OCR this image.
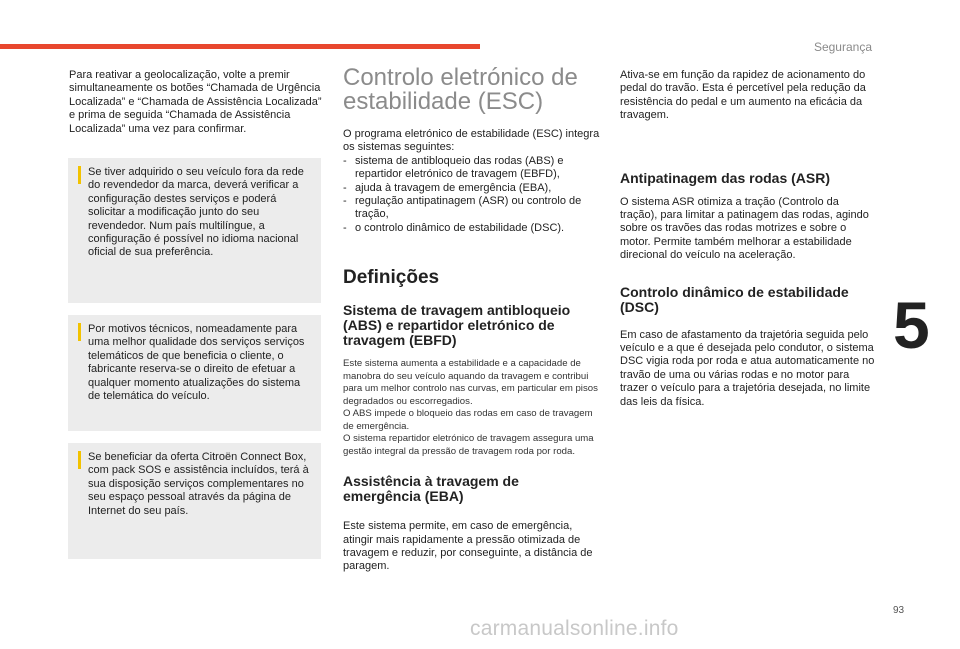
Segurança

Para reativar a geolocalização, volte a premir simultaneamente os botões “Chamada de Urgência Localizada” e “Chamada de Assistência Localizada” e prima de seguida “Chamada de Assistência Localizada” uma vez para confirmar.

Se tiver adquirido o seu veículo fora da rede do revendedor da marca, deverá verificar a configuração destes serviços e poderá solicitar a modificação junto do seu revendedor. Num país multilíngue, a configuração é possível no idioma nacional oficial de sua preferência.

Por motivos técnicos, nomeadamente para uma melhor qualidade dos serviços serviços telemáticos de que beneficia o cliente, o fabricante reserva-se o direito de efetuar a qualquer momento atualizações do sistema de telemática do veículo.

Se beneficiar da oferta Citroën Connect Box, com pack SOS e assistência incluídos, terá à sua disposição serviços complementares no seu espaço pessoal através da página de Internet do seu país.

Controlo eletrónico de estabilidade (ESC)

O programa eletrónico de estabilidade (ESC) integra os sistemas seguintes:

- sistema de antibloqueio das rodas (ABS) e repartidor eletrónico de travagem (EBFD),
- ajuda à travagem de emergência (EBA),
- regulação antipatinagem (ASR) ou controlo de tração,
- o controlo dinâmico de estabilidade (DSC).
Definições
Sistema de travagem antibloqueio (ABS) e repartidor eletrónico de travagem (EBFD)

Este sistema aumenta a estabilidade e a capacidade de manobra do seu veículo aquando da travagem e contribui para um melhor controlo nas curvas, em particular em pisos degradados ou escorregadios.

O ABS impede o bloqueio das rodas em caso de travagem de emergência.

O sistema repartidor eletrónico de travagem assegura uma gestão integral da pressão de travagem roda por roda.

Assistência à travagem de emergência (EBA)

Este sistema permite, em caso de emergência, atingir mais rapidamente a pressão otimizada de travagem e reduzir, por conseguinte, a distância de paragem.

Ativa-se em função da rapidez de acionamento do pedal do travão. Esta é percetível pela redução da resistência do pedal e um aumento na eficácia da travagem.

Antipatinagem das rodas (ASR)

O sistema ASR otimiza a tração (Controlo da tração), para limitar a patinagem das rodas, agindo sobre os travões das rodas motrizes e sobre o motor. Permite também melhorar a estabilidade direcional do veículo na aceleração.

Controlo dinâmico de estabilidade (DSC)

Em caso de afastamento da trajetória seguida pelo veículo e a que é desejada pelo condutor, o sistema DSC vigia roda por roda e atua automaticamente no travão de uma ou várias rodas e no motor para trazer o veículo para a trajetória desejada, no limite das leis da física.

5
93
carmanualsonline.info
